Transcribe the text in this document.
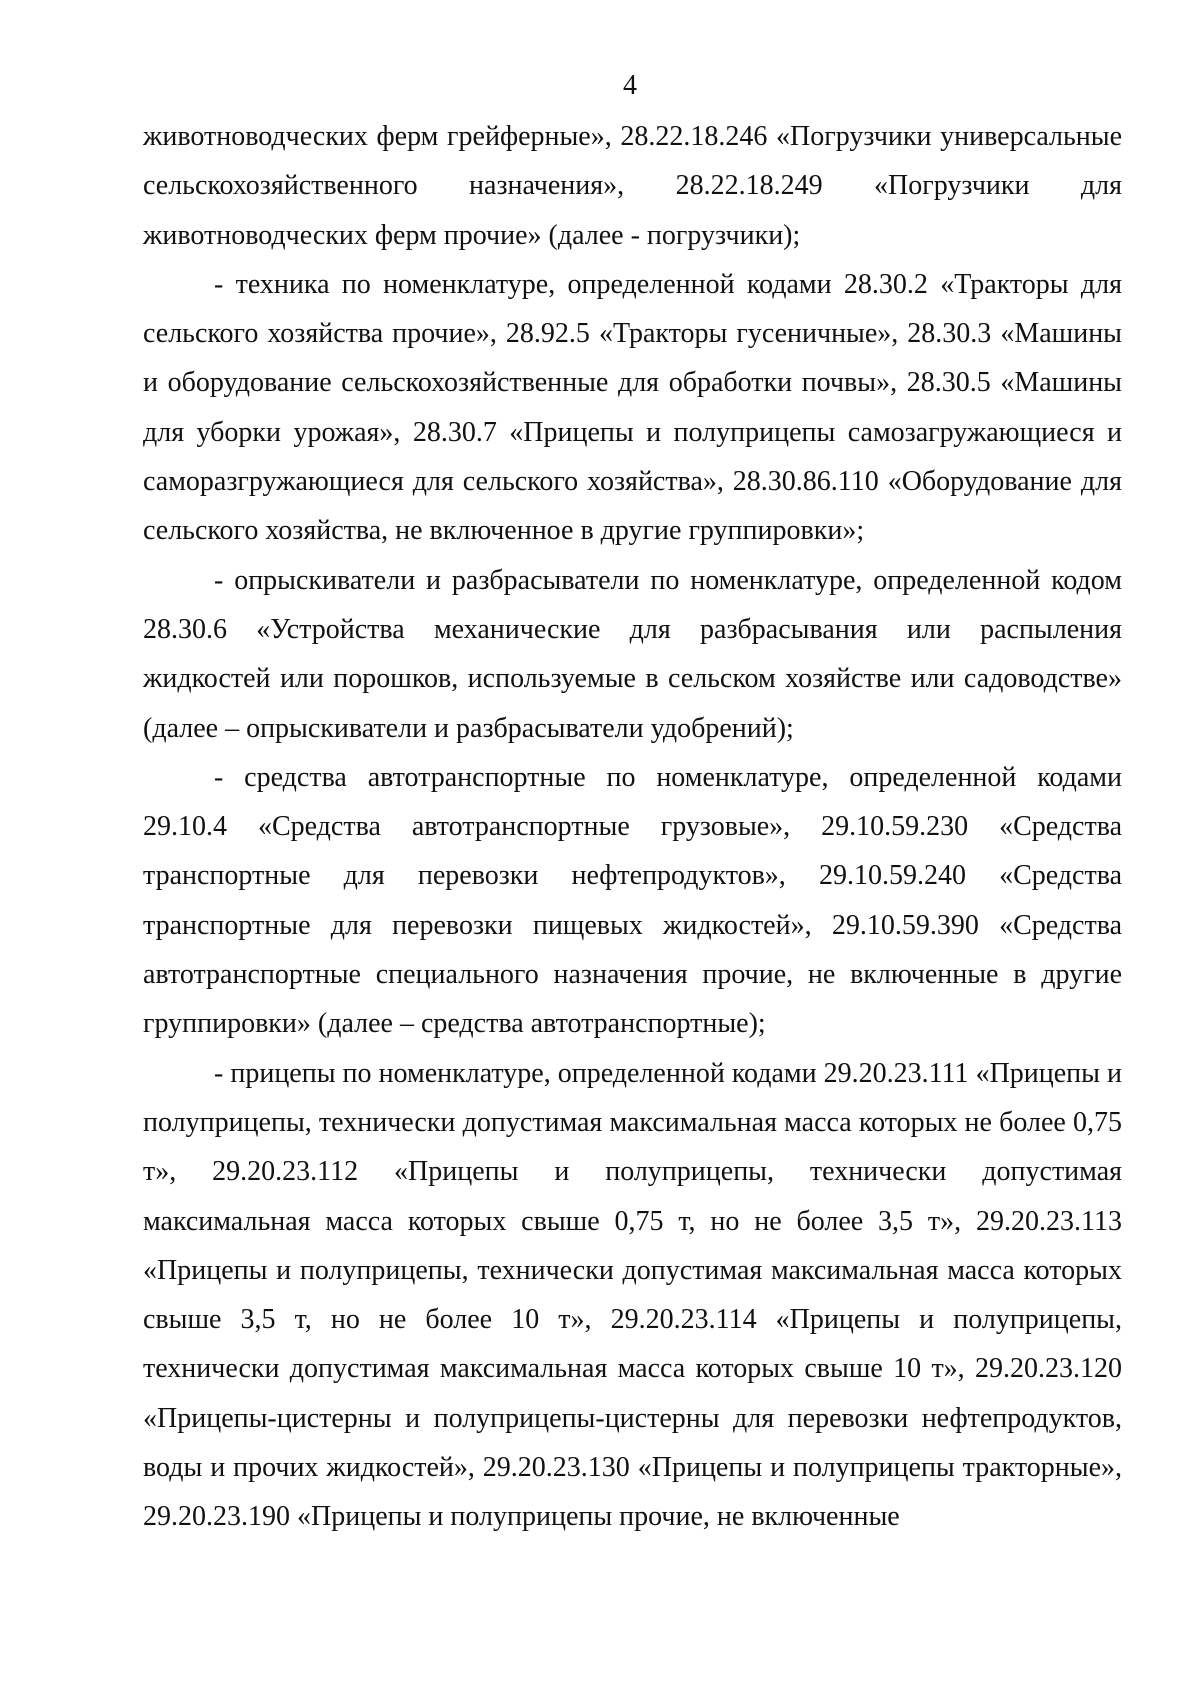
4

животноводческих ферм грейферные», 28.22.18.246 «Погрузчики универсальные сельскохозяйственного назначения», 28.22.18.249 «Погрузчики для животноводческих ферм прочие» (далее - погрузчики);

- техника по номенклатуре, определенной кодами 28.30.2 «Тракторы для сельского хозяйства прочие», 28.92.5 «Тракторы гусеничные», 28.30.3 «Машины и оборудование сельскохозяйственные для обработки почвы», 28.30.5 «Машины для уборки урожая», 28.30.7 «Прицепы и полуприцепы самозагружающиеся и саморазгружающиеся для сельского хозяйства», 28.30.86.110 «Оборудование для сельского хозяйства, не включенное в другие группировки»;

- опрыскиватели и разбрасыватели по номенклатуре, определенной кодом 28.30.6 «Устройства механические для разбрасывания или распыления жидкостей или порошков, используемые в сельском хозяйстве или садоводстве» (далее – опрыскиватели и разбрасыватели удобрений);

- средства автотранспортные по номенклатуре, определенной кодами 29.10.4 «Средства автотранспортные грузовые», 29.10.59.230 «Средства транспортные для перевозки нефтепродуктов», 29.10.59.240 «Средства транспортные для перевозки пищевых жидкостей», 29.10.59.390 «Средства автотранспортные специального назначения прочие, не включенные в другие группировки» (далее – средства автотранспортные);

- прицепы по номенклатуре, определенной кодами 29.20.23.111 «Прицепы и полуприцепы, технически допустимая максимальная масса которых не более 0,75 т», 29.20.23.112 «Прицепы и полуприцепы, технически допустимая максимальная масса которых свыше 0,75 т, но не более 3,5 т», 29.20.23.113 «Прицепы и полуприцепы, технически допустимая максимальная масса которых свыше 3,5 т, но не более 10 т», 29.20.23.114 «Прицепы и полуприцепы, технически допустимая максимальная масса которых свыше 10 т», 29.20.23.120 «Прицепы-цистерны и полуприцепы-цистерны для перевозки нефтепродуктов, воды и прочих жидкостей», 29.20.23.130 «Прицепы и полуприцепы тракторные», 29.20.23.190 «Прицепы и полуприцепы прочие, не включенные
